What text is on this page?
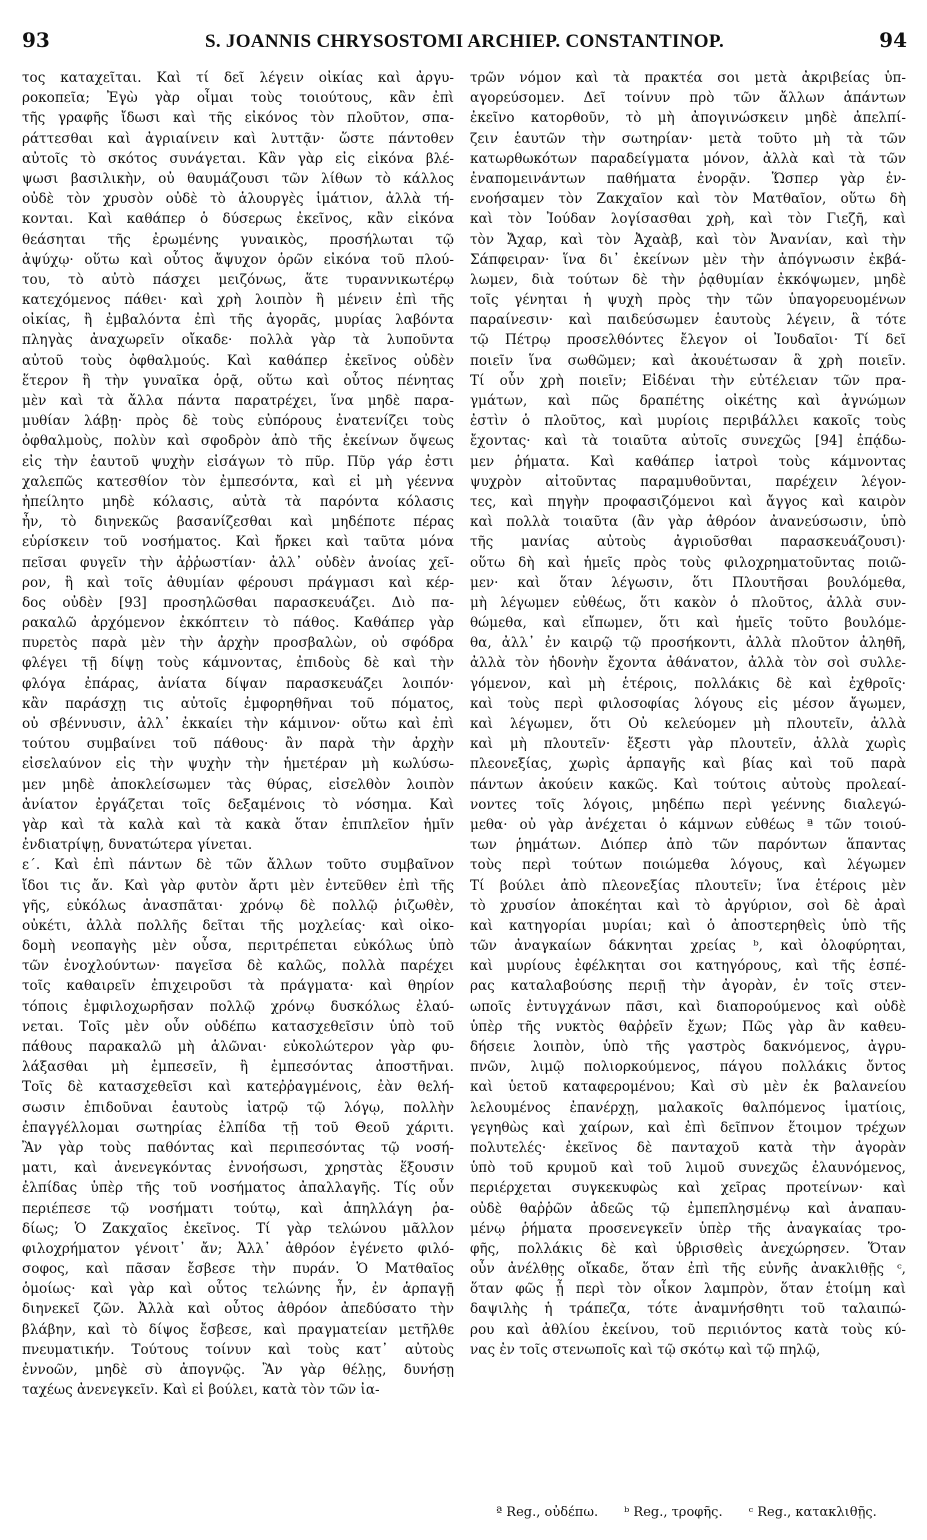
93	S. JOANNIS CHRYSOSTOMI ARCHIEP. CONSTANTINOP.	94
τος καταχεῖται. Καὶ τί δεῖ λέγειν οἰκίας καὶ ἀργυ-
ροκοπεῖα; Ἐγὼ γὰρ οἶμαι τοὺς τοιούτους, κἂν ἐπὶ
τῆς γραφῆς ἴδωσι καὶ τῆς εἰκόνος τὸν πλοῦτον, σπα-
ράττεσθαι καὶ ἀγριαίνειν καὶ λυττᾷν· ὥστε πάντοθεν
αὐτοῖς τὸ σκότος συνάγεται. Κἂν γὰρ εἰς εἰκόνα βλέ-
ψωσι βασιλικὴν, οὐ θαυμάζουσι τῶν λίθων τὸ κάλλος
οὐδὲ τὸν χρυσὸν οὐδὲ τὸ ἁλουργὲς ἱμάτιον, ἀλλὰ τή-
κονται. Καὶ καθάπερ ὁ δύσερως ἐκεῖνος, κἂν εἰκόνα
θεάσηται τῆς ἐρωμένης γυναικὸς, προσήλωται τῷ
ἀψύχῳ· οὕτω καὶ οὗτος ἄψυχον ὁρῶν εἰκόνα τοῦ πλού-
του, τὸ αὐτὸ πάσχει μειζόνως, ἅτε τυραννικωτέρῳ
κατεχόμενος πάθει· καὶ χρὴ λοιπὸν ἢ μένειν ἐπὶ τῆς
οἰκίας, ἢ ἐμβαλόντα ἐπὶ τῆς ἀγορᾶς, μυρίας λαβόντα
πληγὰς ἀναχωρεῖν οἴκαδε· πολλὰ γὰρ τὰ λυποῦντα
αὐτοῦ τοὺς ὀφθαλμούς. Καὶ καθάπερ ἐκεῖνος οὐδὲν
ἕτερον ἢ τὴν γυναῖκα ὁρᾷ, οὕτω καὶ οὗτος πένητας
μὲν καὶ τὰ ἄλλα πάντα παρατρέχει, ἵνα μηδὲ παρα-
μυθίαν λάβῃ· πρὸς δὲ τοὺς εὐπόρους ἐνατενίζει τοὺς
ὀφθαλμοὺς, πολὺν καὶ σφοδρὸν ἀπὸ τῆς ἐκείνων ὄψεως
εἰς τὴν ἑαυτοῦ ψυχὴν εἰσάγων τὸ πῦρ. Πῦρ γάρ ἐστι
χαλεπῶς κατεσθίον τὸν ἐμπεσόντα, καὶ εἰ μὴ γέεννα
ἠπείλητο μηδὲ κόλασις, αὐτὰ τὰ παρόντα κόλασις
ἦν, τὸ διηνεκῶς βασανίζεσθαι καὶ μηδέποτε πέρας
εὑρίσκειν τοῦ νοσήματος. Καὶ ἤρκει καὶ ταῦτα μόνα
πεῖσαι φυγεῖν τὴν ἀῤῥωστίαν· ἀλλ᾽ οὐδὲν ἀνοίας χεῖ-
ρον, ἣ καὶ τοῖς ἀθυμίαν φέρουσι πράγμασι καὶ κέρ-
δος οὐδὲν [93] προσηλῶσθαι παρασκευάζει. Διὸ πα-
ρακαλῶ ἀρχόμενον ἐκκόπτειν τὸ πάθος. Καθάπερ γὰρ
πυρετὸς παρὰ μὲν τὴν ἀρχὴν προσβαλὼν, οὐ σφόδρα
φλέγει τῇ δίψῃ τοὺς κάμνοντας, ἐπιδοὺς δὲ καὶ τὴν
φλόγα ἐπάρας, ἀνίατα δίψαν παρασκευάζει λοιπόν·
κἂν παράσχῃ τις αὐτοῖς ἐμφορηθῆναι τοῦ πόματος,
οὐ σβέννυσιν, ἀλλ᾽ ἐκκαίει τὴν κάμινον· οὕτω καὶ ἐπὶ
τούτου συμβαίνει τοῦ πάθους· ἂν παρὰ τὴν ἀρχὴν
εἰσελαύνον εἰς τὴν ψυχὴν τὴν ἡμετέραν μὴ κωλύσω-
μεν μηδὲ ἀποκλείσωμεν τὰς θύρας, εἰσελθὸν λοιπὸν
ἀνίατον ἐργάζεται τοῖς δεξαμένοις τὸ νόσημα. Καὶ
γὰρ καὶ τὰ καλὰ καὶ τὰ κακὰ ὅταν ἐπιπλεῖον ἡμῖν
ἐνδιατρίψῃ, δυνατώτερα γίνεται.
ε΄. Καὶ ἐπὶ πάντων δὲ τῶν ἄλλων τοῦτο συμβαῖνον
ἴδοι τις ἄν. Καὶ γὰρ φυτὸν ἄρτι μὲν ἐντεῦθεν ἐπὶ τῆς
γῆς, εὐκόλως ἀνασπᾶται· χρόνῳ δὲ πολλῷ ῥιζωθὲν,
οὐκέτι, ἀλλὰ πολλῆς δεῖται τῆς μοχλείας· καὶ οἰκο-
δομὴ νεοπαγὴς μὲν οὖσα, περιτρέπεται εὐκόλως ὑπὸ
τῶν ἐνοχλούντων· παγεῖσα δὲ καλῶς, πολλὰ παρέχει
τοῖς καθαιρεῖν ἐπιχειροῦσι τὰ πράγματα· καὶ θηρίον
τόποις ἐμφιλοχωρῆσαν πολλῷ χρόνῳ δυσκόλως ἐλαύ-
νεται. Τοῖς μὲν οὖν οὐδέπω κατασχεθεῖσιν ὑπὸ τοῦ
πάθους παρακαλῶ μὴ ἁλῶναι· εὐκολώτερον γὰρ φυ-
λάξασθαι μὴ ἐμπεσεῖν, ἢ ἐμπεσόντας ἀποστῆναι.
Τοῖς δὲ κατασχεθεῖσι καὶ κατεῤῥαγμένοις, ἐὰν θελή-
σωσιν ἐπιδοῦναι ἑαυτοὺς ἰατρῷ τῷ λόγῳ, πολλὴν
ἐπαγγέλλομαι σωτηρίας ἐλπίδα τῇ τοῦ Θεοῦ χάριτι.
Ἂν γὰρ τοὺς παθόντας καὶ περιπεσόντας τῷ νοσή-
ματι, καὶ ἀνενεγκόντας ἐννοήσωσι, χρηστὰς ἕξουσιν
ἐλπίδας ὑπὲρ τῆς τοῦ νοσήματος ἀπαλλαγῆς. Τίς οὖν
περιέπεσε τῷ νοσήματι τούτῳ, καὶ ἀπηλλάγη ῥα-
δίως; Ὁ Ζακχαῖος ἐκεῖνος. Τί γὰρ τελώνου μᾶλλον
φιλοχρήματον γένοιτ᾽ ἄν; Ἀλλ᾽ ἀθρόον ἐγένετο φιλό-
σοφος, καὶ πᾶσαν ἔσβεσε τὴν πυράν. Ὁ Ματθαῖος
ὁμοίως· καὶ γὰρ καὶ οὗτος τελώνης ἦν, ἐν ἁρπαγῇ
διηνεκεῖ ζῶν. Ἀλλὰ καὶ οὗτος ἀθρόον ἀπεδύσατο τὴν
βλάβην, καὶ τὸ δίψος ἔσβεσε, καὶ πραγματείαν μετῆλθε
πνευματικήν. Τούτους τοίνυν καὶ τοὺς κατ᾽ αὐτοὺς
ἐννοῶν, μηδὲ σὺ ἀπογνῷς. Ἂν γὰρ θέλῃς, δυνήσῃ
ταχέως ἀνενεγκεῖν. Καὶ εἰ βούλει, κατὰ τὸν τῶν ἰα-
τρῶν νόμον καὶ τὰ πρακτέα σοι μετὰ ἀκριβείας ὑπ-
αγορεύσομεν. Δεῖ τοίνυν πρὸ τῶν ἄλλων ἁπάντων
ἐκεῖνο κατορθοῦν, τὸ μὴ ἀπογινώσκειν μηδὲ ἀπελπί-
ζειν ἑαυτῶν τὴν σωτηρίαν· μετὰ τοῦτο μὴ τὰ τῶν
κατωρθωκότων παραδείγματα μόνον, ἀλλὰ καὶ τὰ τῶν
ἐναπομεινάντων παθήματα ἐνορᾷν. Ὥσπερ γὰρ ἐν-
ενοήσαμεν τὸν Ζακχαῖον καὶ τὸν Ματθαῖον, οὕτω δὴ
καὶ τὸν Ἰούδαν λογίσασθαι χρὴ, καὶ τὸν Γιεζῆ, καὶ
τὸν Ἄχαρ, καὶ τὸν Ἀχαὰβ, καὶ τὸν Ἀνανίαν, καὶ τὴν
Σάπφειραν· ἵνα δι᾽ ἐκείνων μὲν τὴν ἀπόγνωσιν ἐκβά-
λωμεν, διὰ τούτων δὲ τὴν ῥᾳθυμίαν ἐκκόψωμεν, μηδὲ
τοῖς γένηται ἡ ψυχὴ πρὸς τὴν τῶν ὑπαγορευομένων
παραίνεσιν· καὶ παιδεύσωμεν ἑαυτοὺς λέγειν, ἃ τότε
τῷ Πέτρῳ προσελθόντες ἔλεγον οἱ Ἰουδαῖοι· Τί δεῖ
ποιεῖν ἵνα σωθῶμεν; καὶ ἀκουέτωσαν ἃ χρὴ ποιεῖν.
Τί οὖν χρὴ ποιεῖν; Εἰδέναι τὴν εὐτέλειαν τῶν πρα-
γμάτων, καὶ πῶς δραπέτης οἰκέτης καὶ ἀγνώμων
ἐστὶν ὁ πλοῦτος, καὶ μυρίοις περιβάλλει κακοῖς τοὺς
ἔχοντας· καὶ τὰ τοιαῦτα αὐτοῖς συνεχῶς [94] ἐπᾴδω-
μεν ῥήματα. Καὶ καθάπερ ἰατροὶ τοὺς κάμνοντας
ψυχρὸν αἰτοῦντας παραμυθοῦνται, παρέχειν λέγον-
τες, καὶ πηγὴν προφασιζόμενοι καὶ ἄγγος καὶ καιρὸν
καὶ πολλὰ τοιαῦτα (ἂν γὰρ ἀθρόον ἀνανεύσωσιν, ὑπὸ
τῆς μανίας αὐτοὺς ἀγριοῦσθαι παρασκευάζουσι)·
οὕτω δὴ καὶ ἡμεῖς πρὸς τοὺς φιλοχρηματοῦντας ποιῶ-
μεν· καὶ ὅταν λέγωσιν, ὅτι Πλουτῆσαι βουλόμεθα,
μὴ λέγωμεν εὐθέως, ὅτι κακὸν ὁ πλοῦτος, ἀλλὰ συν-
θώμεθα, καὶ εἴπωμεν, ὅτι καὶ ἡμεῖς τοῦτο βουλόμε-
θα, ἀλλ᾽ ἐν καιρῷ τῷ προσήκοντι, ἀλλὰ πλοῦτον ἀληθῆ,
ἀλλὰ τὸν ἡδονὴν ἔχοντα ἀθάνατον, ἀλλὰ τὸν σοὶ συλλε-
γόμενον, καὶ μὴ ἑτέροις, πολλάκις δὲ καὶ ἐχθροῖς·
καὶ τοὺς περὶ φιλοσοφίας λόγους εἰς μέσον ἄγωμεν,
καὶ λέγωμεν, ὅτι Οὐ κελεύομεν μὴ πλουτεῖν, ἀλλὰ
καὶ μὴ πλουτεῖν· ἔξεστι γὰρ πλουτεῖν, ἀλλὰ χωρὶς
πλεονεξίας, χωρὶς ἁρπαγῆς καὶ βίας καὶ τοῦ παρὰ
πάντων ἀκούειν κακῶς. Καὶ τούτοις αὐτοὺς προλεαί-
νοντες τοῖς λόγοις, μηδέπω περὶ γεέννης διαλεγώ-
μεθα· οὐ γὰρ ἀνέχεται ὁ κάμνων εὐθέως ª τῶν τοιού-
των ῥημάτων. Διόπερ ἀπὸ τῶν παρόντων ἅπαντας
τοὺς περὶ τούτων ποιώμεθα λόγους, καὶ λέγωμεν
Τί βούλει ἀπὸ πλεονεξίας πλουτεῖν; ἵνα ἑτέροις μὲν
τὸ χρυσίον ἀποκέηται καὶ τὸ ἀργύριον, σοὶ δὲ ἀραὶ
καὶ κατηγορίαι μυρίαι; καὶ ὁ ἀποστερηθεὶς ὑπὸ τῆς
τῶν ἀναγκαίων δάκνηται χρείας ᵇ, καὶ ὀλοφύρηται,
καὶ μυρίους ἐφέλκηται σοι κατηγόρους, καὶ τῆς ἑσπέ-
ρας καταλαβούσης περιῇ τὴν ἀγορὰν, ἐν τοῖς στεν-
ωποῖς ἐντυγχάνων πᾶσι, καὶ διαπορούμενος καὶ οὐδὲ
ὑπὲρ τῆς νυκτὸς θαῤῥεῖν ἔχων; Πῶς γὰρ ἂν καθευ-
δήσειε λοιπὸν, ὑπὸ τῆς γαστρὸς δακνόμενος, ἀγρυ-
πνῶν, λιμῷ πολιορκούμενος, πάγου πολλάκις ὄντος
καὶ ὑετοῦ καταφερομένου; Καὶ σὺ μὲν ἐκ βαλανείου
λελουμένος ἐπανέρχῃ, μαλακοῖς θαλπόμενος ἱματίοις,
γεγηθὼς καὶ χαίρων, καὶ ἐπὶ δεῖπνον ἕτοιμον τρέχων
πολυτελές· ἐκεῖνος δὲ πανταχοῦ κατὰ τὴν ἀγορὰν
ὑπὸ τοῦ κρυμοῦ καὶ τοῦ λιμοῦ συνεχῶς ἐλαυνόμενος,
περιέρχεται συγκεκυφὼς καὶ χεῖρας προτείνων· καὶ
οὐδὲ θαῤῥῶν ἀδεῶς τῷ ἐμπεπλησμένῳ καὶ ἀναπαυ-
μένῳ ῥήματα προσενεγκεῖν ὑπὲρ τῆς ἀναγκαίας τρο-
φῆς, πολλάκις δὲ καὶ ὑβρισθεὶς ἀνεχώρησεν. Ὅταν
οὖν ἀνέλθῃς οἴκαδε, ὅταν ἐπὶ τῆς εὐνῆς ἀνακλιθῇς ᶜ,
ὅταν φῶς ᾖ περὶ τὸν οἶκον λαμπρὸν, ὅταν ἑτοίμη καὶ
δαψιλὴς ἡ τράπεζα, τότε ἀναμνήσθητι τοῦ ταλαιπώ-
ρου καὶ ἀθλίου ἐκείνου, τοῦ περιιόντος κατὰ τοὺς κύ-
νας ἐν τοῖς στενωποῖς καὶ τῷ σκότῳ καὶ τῷ πηλῷ,
ª Reg., οὐδέπω. ᵇ Reg., τροφῆς. ᶜ Reg., κατακλιθῇς.
